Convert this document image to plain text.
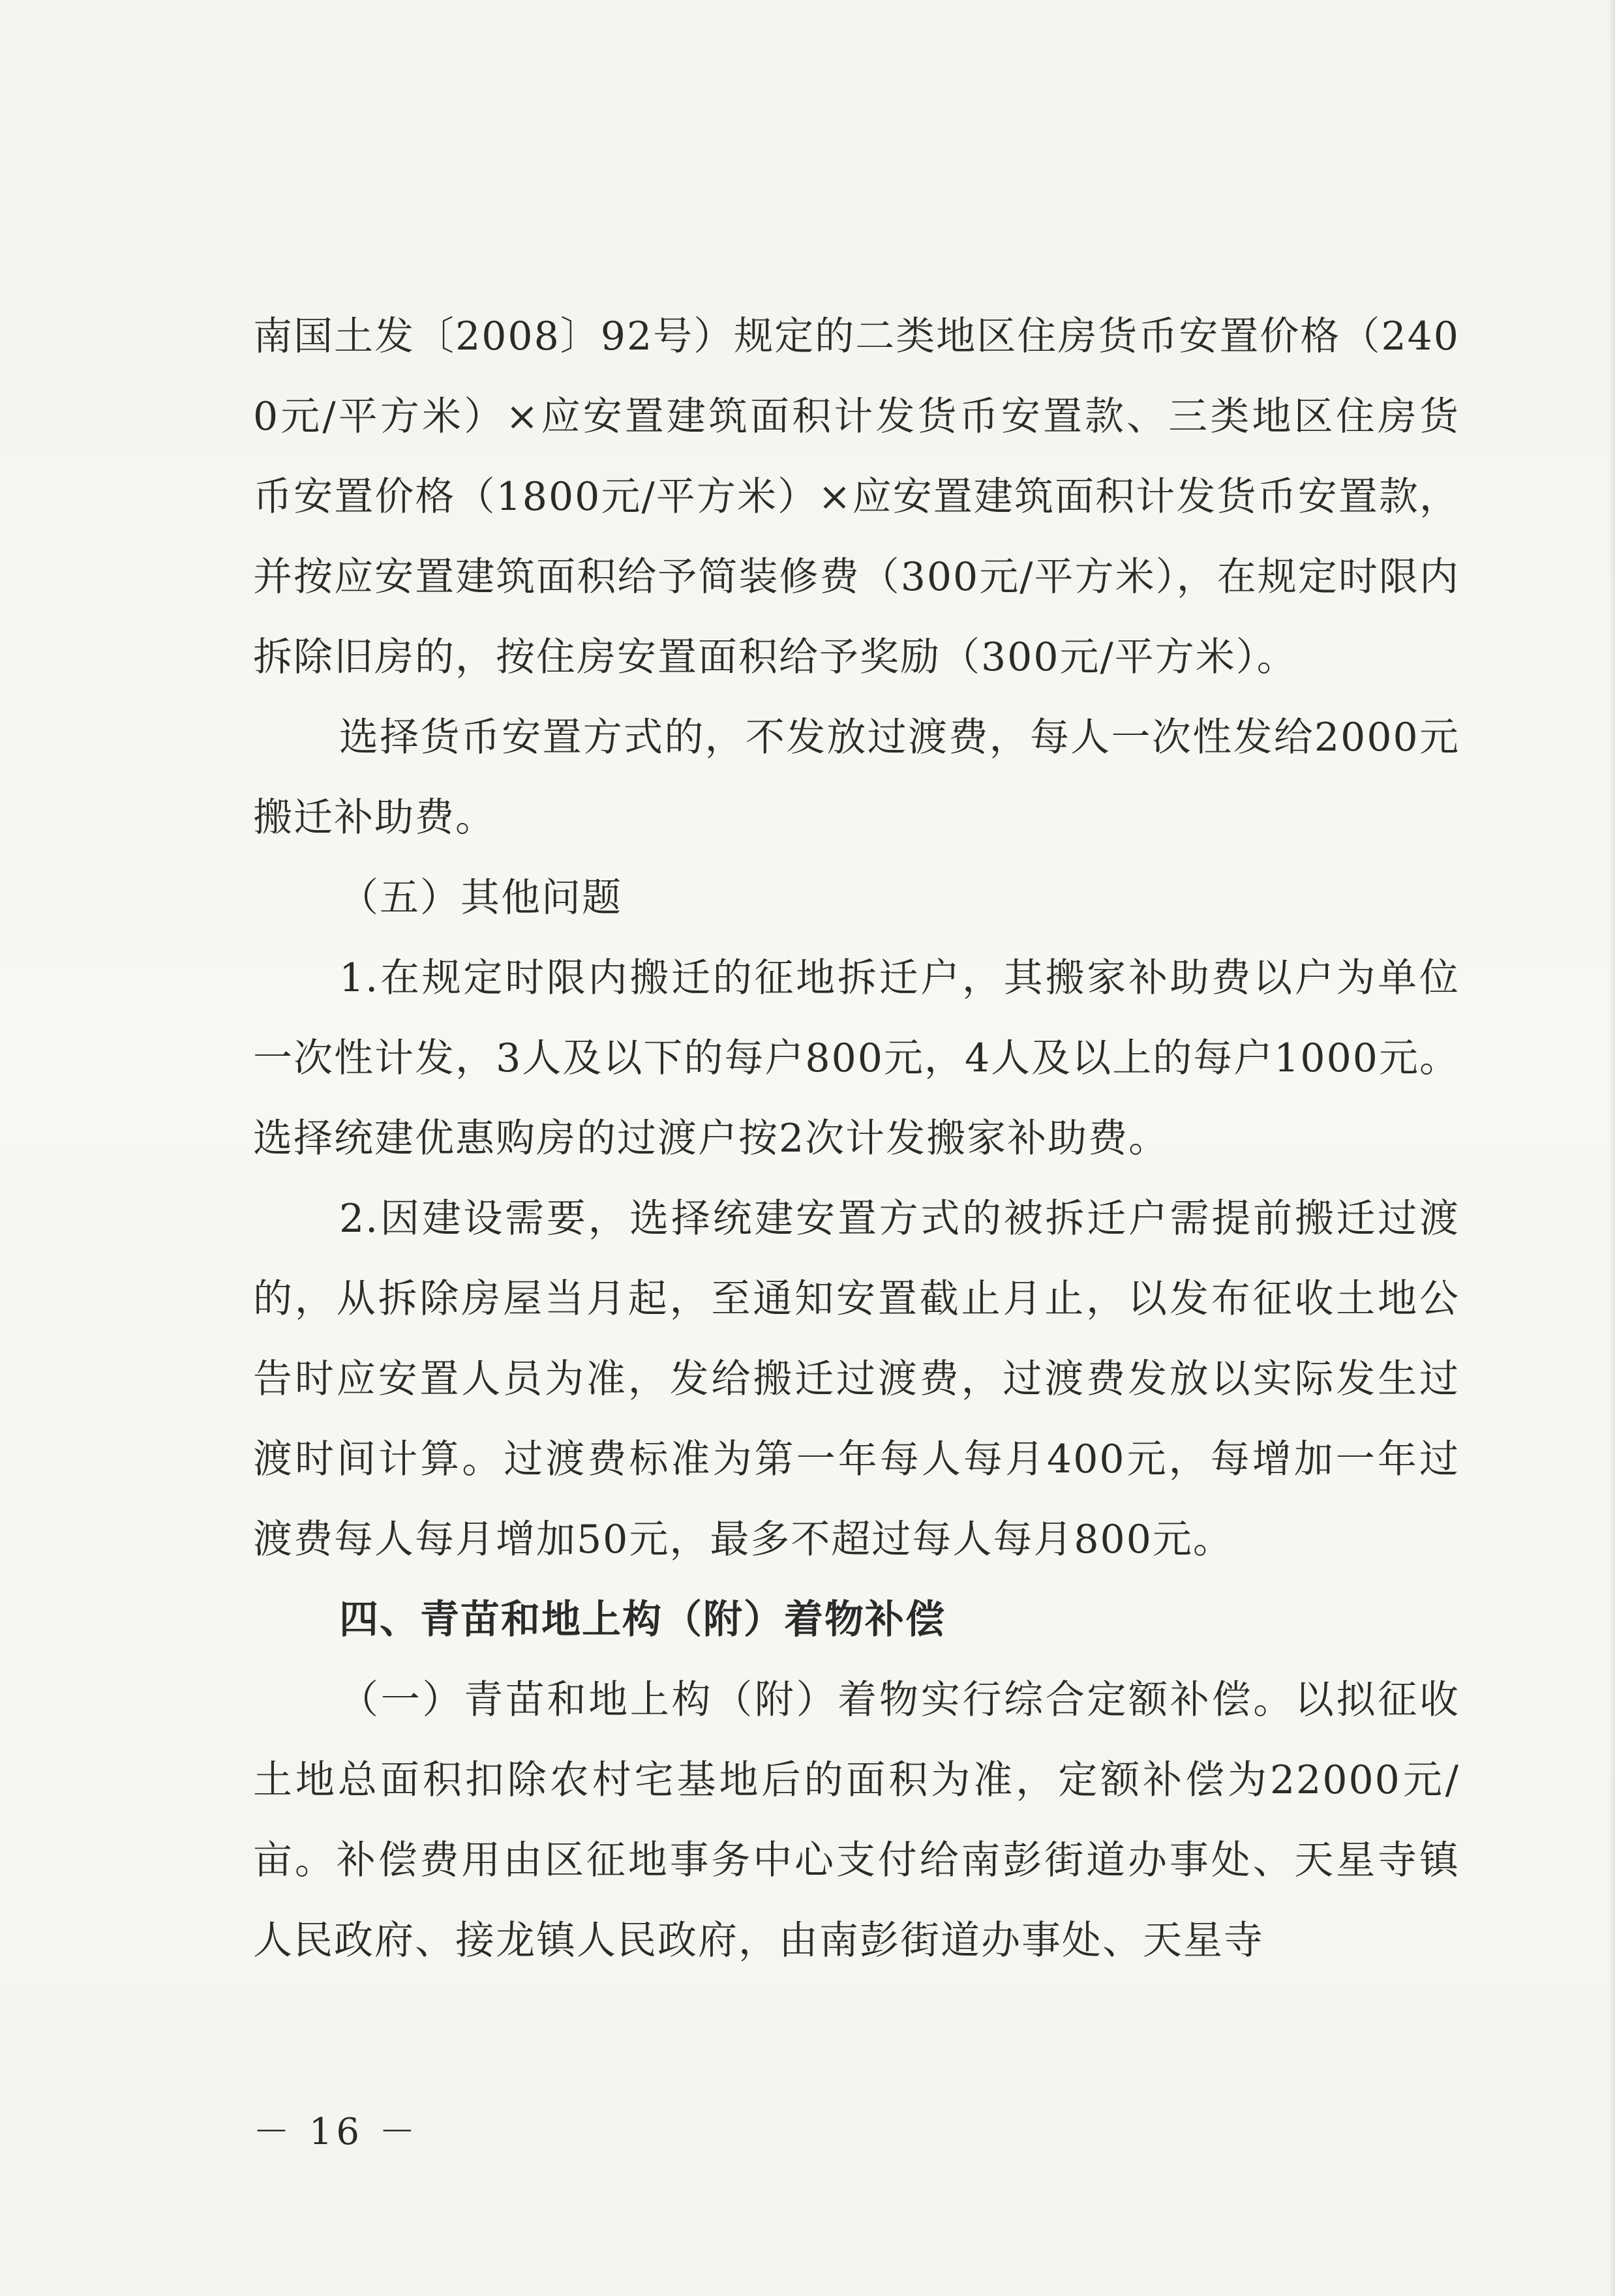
南国土发〔2008〕92号）规定的二类地区住房货币安置价格（2400元/平方米）×应安置建筑面积计发货币安置款、三类地区住房货币安置价格（1800元/平方米）×应安置建筑面积计发货币安置款，并按应安置建筑面积给予简装修费（300元/平方米），在规定时限内拆除旧房的，按住房安置面积给予奖励（300元/平方米）。

选择货币安置方式的，不发放过渡费，每人一次性发给2000元搬迁补助费。

（五）其他问题

1.在规定时限内搬迁的征地拆迁户，其搬家补助费以户为单位一次性计发，3人及以下的每户800元，4人及以上的每户1000元。选择统建优惠购房的过渡户按2次计发搬家补助费。

2.因建设需要，选择统建安置方式的被拆迁户需提前搬迁过渡的，从拆除房屋当月起，至通知安置截止月止，以发布征收土地公告时应安置人员为准，发给搬迁过渡费，过渡费发放以实际发生过渡时间计算。过渡费标准为第一年每人每月400元，每增加一年过渡费每人每月增加50元，最多不超过每人每月800元。

四、青苗和地上构（附）着物补偿

（一）青苗和地上构（附）着物实行综合定额补偿。以拟征收土地总面积扣除农村宅基地后的面积为准，定额补偿为22000元/亩。补偿费用由区征地事务中心支付给南彭街道办事处、天星寺镇人民政府、接龙镇人民政府，由南彭街道办事处、天星寺

－ 16 －
